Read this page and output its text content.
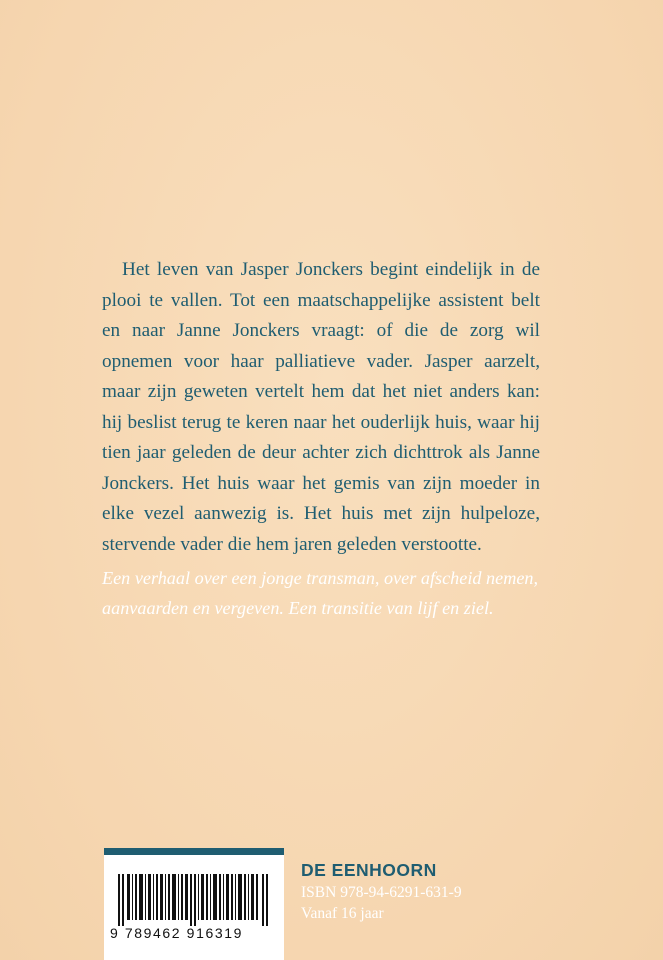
Het leven van Jasper Jonckers begint eindelijk in de plooi te vallen. Tot een maatschappelijke assistent belt en naar Janne Jonckers vraagt: of die de zorg wil opnemen voor haar palliatieve vader. Jasper aarzelt, maar zijn geweten vertelt hem dat het niet anders kan: hij beslist terug te keren naar het ouderlijk huis, waar hij tien jaar geleden de deur achter zich dichttrok als Janne Jonckers. Het huis waar het gemis van zijn moeder in elke vezel aanwezig is. Het huis met zijn hulpeloze, stervende vader die hem jaren geleden verstootte.

Een verhaal over een jonge transman, over afscheid nemen,
aanvaarden en vergeven. Een transitie van lijf en ziel.
9 789462 916319
DE EENHOORN
ISBN 978-94-6291-631-9
Vanaf 16 jaar
